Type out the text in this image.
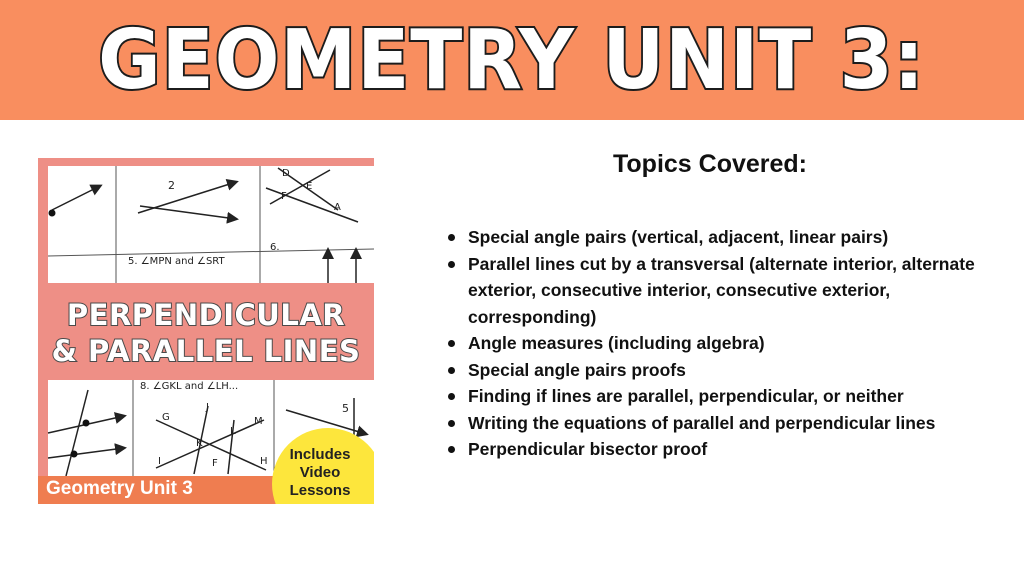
GEOMETRY UNIT 3:
2
D
E
F
A
5. ∠MPN and ∠SRT
6.
8. ∠GKL and ∠LH...
G
J
L
M
K
I	F	H
5
PERPENDICULAR
& PARALLEL LINES
Geometry Unit 3
Includes
Video
Lessons
Topics Covered:
Special angle pairs (vertical, adjacent, linear pairs)
Parallel lines cut by a transversal (alternate interior, alternate exterior, consecutive interior, consecutive exterior, corresponding)
Angle measures (including algebra)
Special angle pairs proofs
Finding if lines are parallel, perpendicular, or neither
Writing the equations of parallel and perpendicular lines
Perpendicular bisector proof
